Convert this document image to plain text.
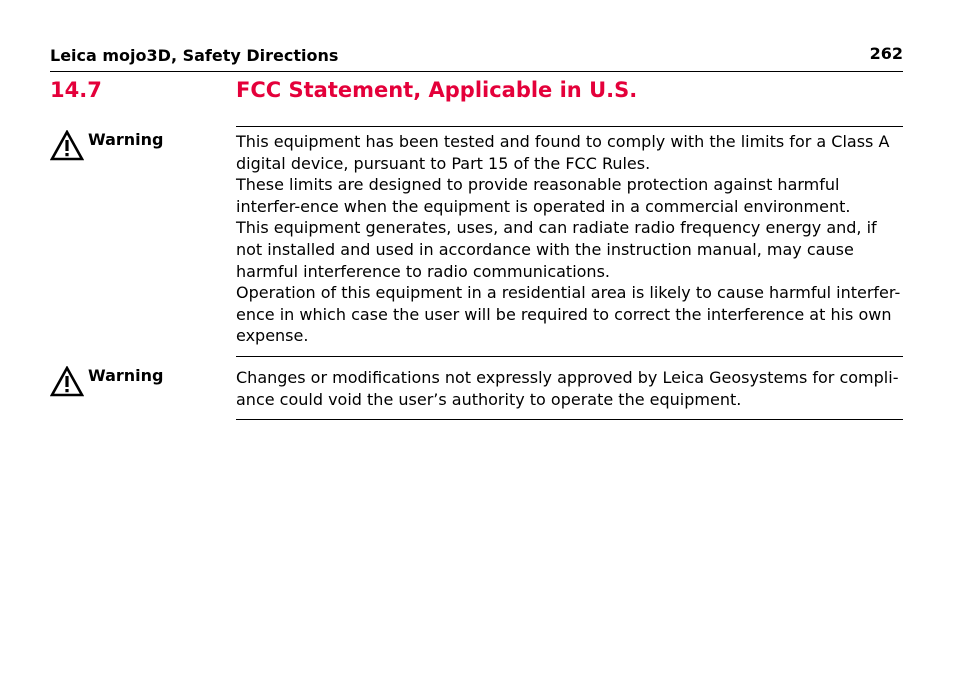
Leica mojo3D, Safety Directions	262
14.7	FCC Statement, Applicable in U.S.
Warning	This equipment has been tested and found to comply with the limits for a Class A digital device, pursuant to Part 15 of the FCC Rules.

These limits are designed to provide reasonable protection against harmful interfer-ence when the equipment is operated in a commercial environment.

This equipment generates, uses, and can radiate radio frequency energy and, if not installed and used in accordance with the instruction manual, may cause harmful interference to radio communications.

Operation of this equipment in a residential area is likely to cause harmful interfer-ence in which case the user will be required to correct the interference at his own expense.

Warning	Changes or modifications not expressly approved by Leica Geosystems for compli-ance could void the user’s authority to operate the equipment.
